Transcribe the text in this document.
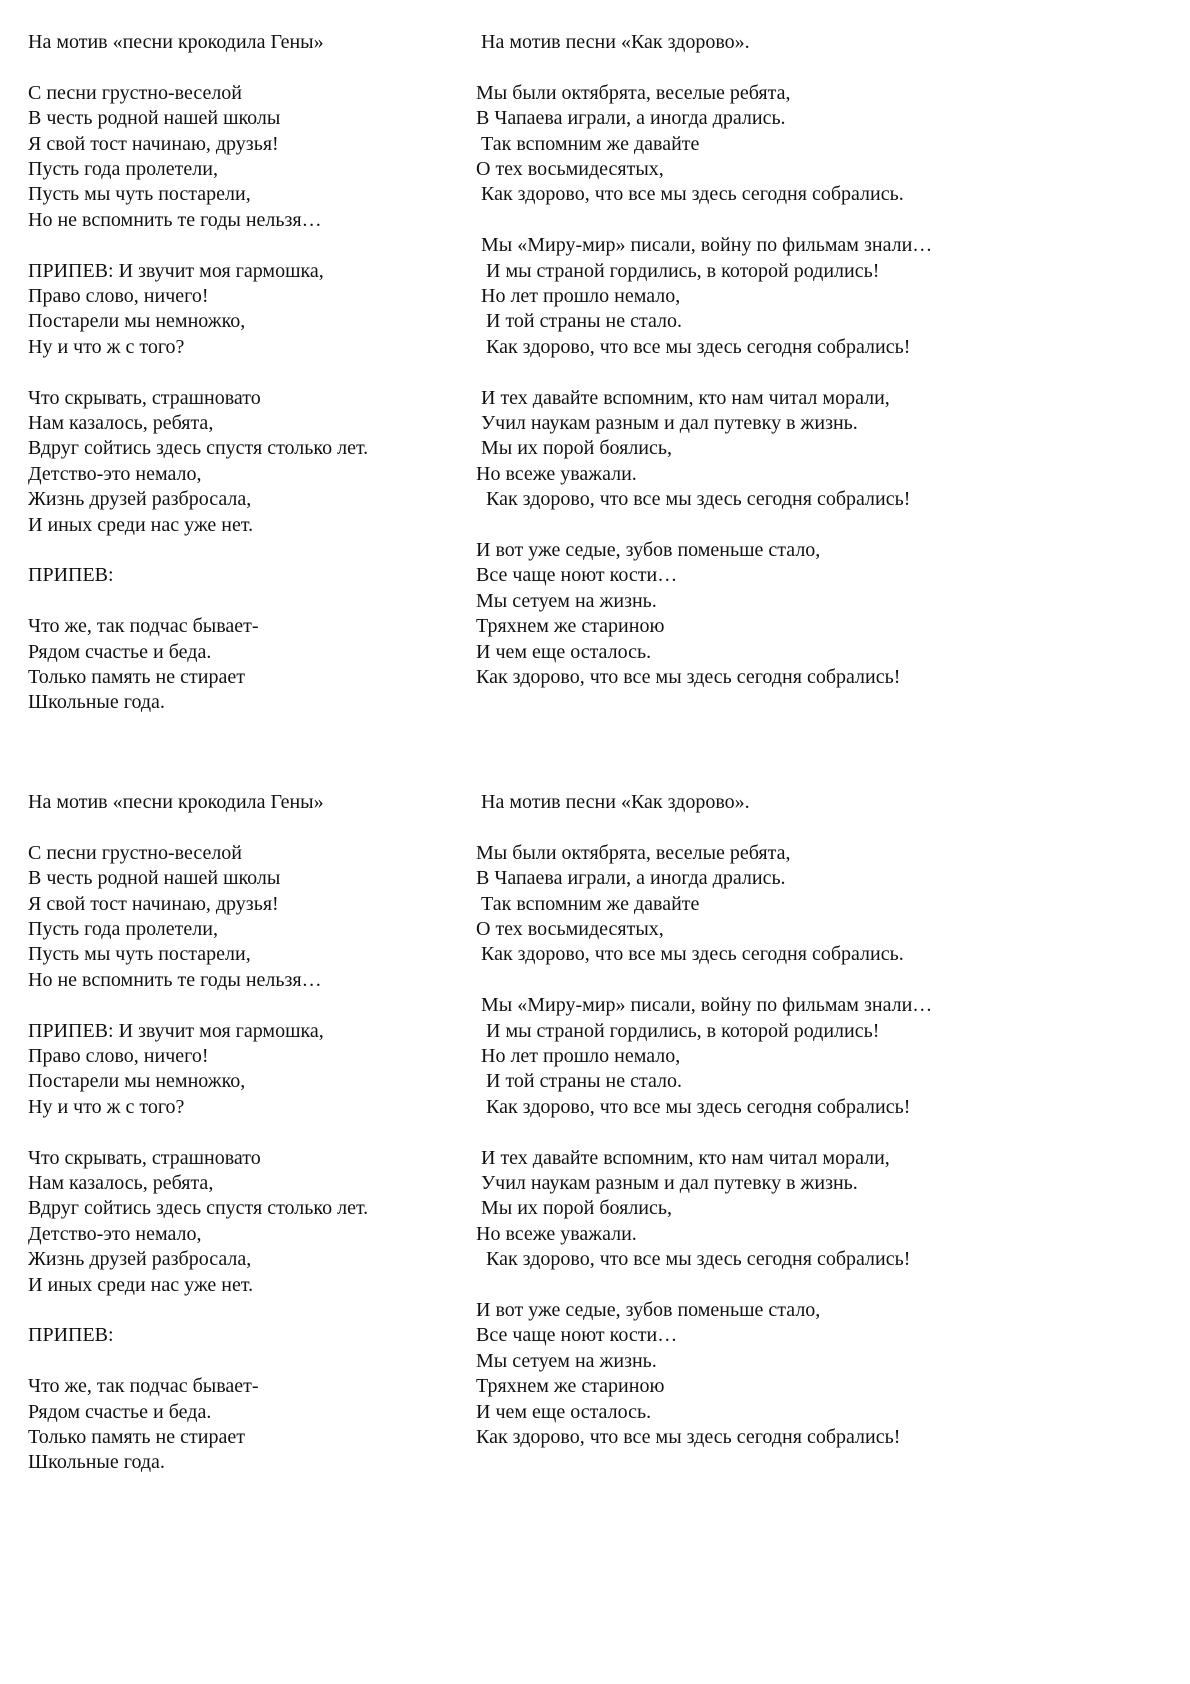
На мотив «песни крокодила Гены»
С песни грустно-веселой
В честь родной нашей школы
Я свой тост начинаю, друзья!
Пусть года пролетели,
Пусть мы чуть постарели,
Но не вспомнить те годы нельзя…
ПРИПЕВ: И звучит моя гармошка,
Право слово, ничего!
Постарели мы немножко,
Ну и что ж с того?
Что скрывать, страшновато
Нам казалось, ребята,
Вдруг сойтись здесь спустя столько лет.
Детство-это немало,
Жизнь друзей разбросала,
И иных среди нас уже нет.
ПРИПЕВ:
Что же, так подчас бывает-
Рядом счастье и беда.
Только память не стирает
Школьные года.
На мотив песни «Как здорово».
Мы были октябрята, веселые ребята,
В Чапаева играли, а иногда дрались.
Так вспомним же давайте
О тех восьмидесятых,
Как здорово, что все мы здесь сегодня собрались.
Мы «Миру-мир» писали, войну по фильмам знали…
И мы страной гордились, в которой родились!
Но лет прошло немало,
И той страны не стало.
Как здорово, что все мы здесь сегодня собрались!
И тех давайте вспомним, кто нам читал морали,
Учил наукам разным и дал путевку в жизнь.
Мы их порой боялись,
Но всеже уважали.
Как здорово, что все мы здесь сегодня собрались!
И вот уже седые, зубов поменьше стало,
Все чаще ноют кости…
Мы сетуем на жизнь.
Тряхнем же стариною
И чем еще осталось.
Как здорово, что все мы здесь сегодня собрались!
На мотив «песни крокодила Гены»
С песни грустно-веселой
В честь родной нашей школы
Я свой тост начинаю, друзья!
Пусть года пролетели,
Пусть мы чуть постарели,
Но не вспомнить те годы нельзя…
ПРИПЕВ: И звучит моя гармошка,
Право слово, ничего!
Постарели мы немножко,
Ну и что ж с того?
Что скрывать, страшновато
Нам казалось, ребята,
Вдруг сойтись здесь спустя столько лет.
Детство-это немало,
Жизнь друзей разбросала,
И иных среди нас уже нет.
ПРИПЕВ:
Что же, так подчас бывает-
Рядом счастье и беда.
Только память не стирает
Школьные года.
На мотив песни «Как здорово».
Мы были октябрята, веселые ребята,
В Чапаева играли, а иногда дрались.
Так вспомним же давайте
О тех восьмидесятых,
Как здорово, что все мы здесь сегодня собрались.
Мы «Миру-мир» писали, войну по фильмам знали…
И мы страной гордились, в которой родились!
Но лет прошло немало,
И той страны не стало.
Как здорово, что все мы здесь сегодня собрались!
И тех давайте вспомним, кто нам читал морали,
Учил наукам разным и дал путевку в жизнь.
Мы их порой боялись,
Но всеже уважали.
Как здорово, что все мы здесь сегодня собрались!
И вот уже седые, зубов поменьше стало,
Все чаще ноют кости…
Мы сетуем на жизнь.
Тряхнем же стариною
И чем еще осталось.
Как здорово, что все мы здесь сегодня собрались!
